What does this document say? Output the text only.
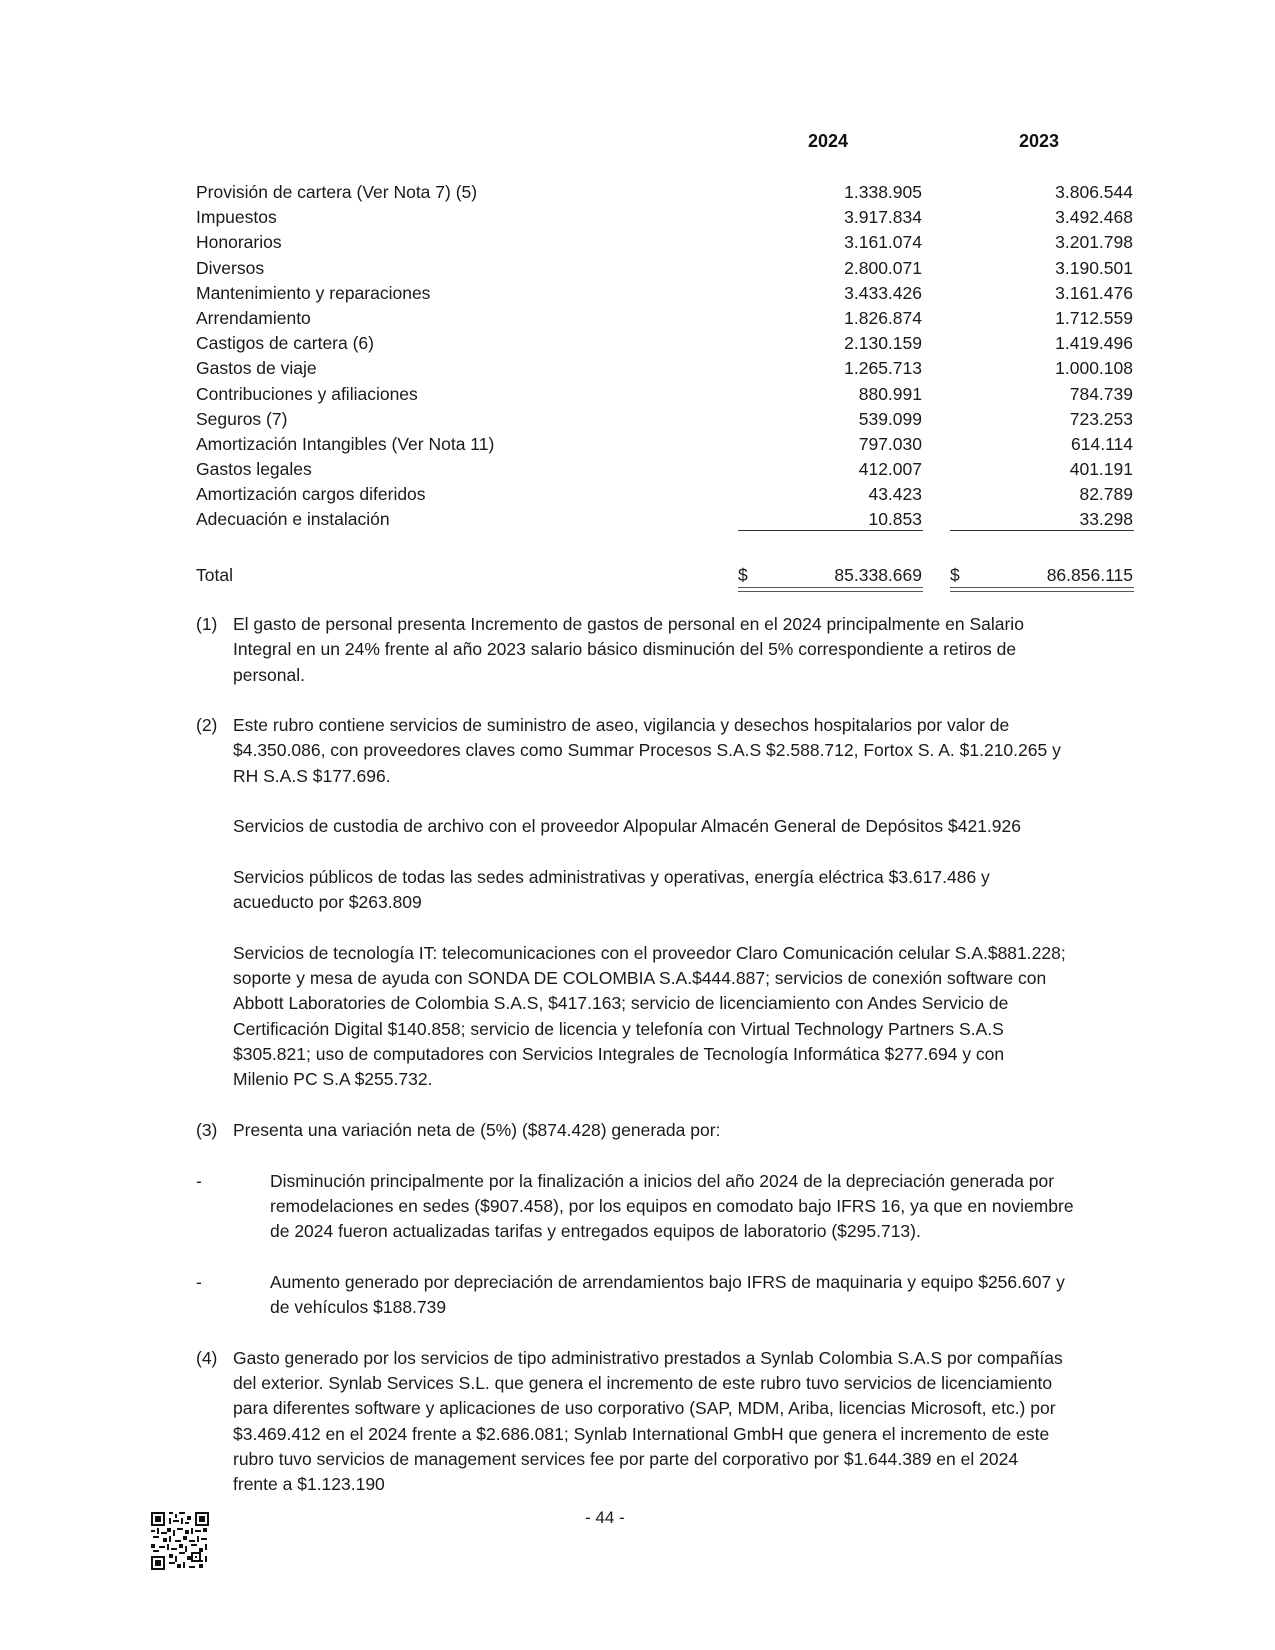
2024	2023
Provisión de cartera (Ver Nota 7) (5)	1.338.905	3.806.544
Impuestos	3.917.834	3.492.468
Honorarios	3.161.074	3.201.798
Diversos	2.800.071	3.190.501
Mantenimiento y reparaciones	3.433.426	3.161.476
Arrendamiento	1.826.874	1.712.559
Castigos de cartera (6)	2.130.159	1.419.496
Gastos de viaje	1.265.713	1.000.108
Contribuciones y afiliaciones	880.991	784.739
Seguros (7)	539.099	723.253
Amortización Intangibles (Ver Nota 11)	797.030	614.114
Gastos legales	412.007	401.191
Amortización cargos diferidos	43.423	82.789
Adecuación e instalación	10.853	33.298
Total	$	85.338.669 $	86.856.115
(1) El gasto de personal presenta Incremento de gastos de personal en el 2024 principalmente en Salario
Integral en un 24% frente al año 2023 salario básico disminución del 5% correspondiente a retiros de
personal.
(2) Este rubro contiene servicios de suministro de aseo, vigilancia y desechos hospitalarios por valor de
$4.350.086, con proveedores claves como Summar Procesos S.A.S $2.588.712, Fortox S. A. $1.210.265 y
RH S.A.S $177.696.
Servicios de custodia de archivo con el proveedor Alpopular Almacén General de Depósitos $421.926
Servicios públicos de todas las sedes administrativas y operativas, energía eléctrica $3.617.486 y
acueducto por $263.809
Servicios de tecnología IT: telecomunicaciones con el proveedor Claro Comunicación celular S.A.$881.228;
soporte y mesa de ayuda con SONDA DE COLOMBIA S.A.$444.887; servicios de conexión software con
Abbott Laboratories de Colombia S.A.S, $417.163; servicio de licenciamiento con Andes Servicio de
Certificación Digital $140.858; servicio de licencia y telefonía con Virtual Technology Partners S.A.S
$305.821; uso de computadores con Servicios Integrales de Tecnología Informática $277.694 y con
Milenio PC S.A $255.732.
(3) Presenta una variación neta de (5%) ($874.428) generada por:
-	Disminución principalmente por la finalización a inicios del año 2024 de la depreciación generada por
remodelaciones en sedes ($907.458), por los equipos en comodato bajo IFRS 16, ya que en noviembre
de 2024 fueron actualizadas tarifas y entregados equipos de laboratorio ($295.713).
-	Aumento generado por depreciación de arrendamientos bajo IFRS de maquinaria y equipo $256.607 y
de vehículos $188.739
(4) Gasto generado por los servicios de tipo administrativo prestados a Synlab Colombia S.A.S por compañías
del exterior. Synlab Services S.L. que genera el incremento de este rubro tuvo servicios de licenciamiento
para diferentes software y aplicaciones de uso corporativo (SAP, MDM, Ariba, licencias Microsoft, etc.) por
$3.469.412 en el 2024 frente a $2.686.081; Synlab International GmbH que genera el incremento de este
rubro tuvo servicios de management services fee por parte del corporativo por $1.644.389 en el 2024
frente a $1.123.190
- 44 -
